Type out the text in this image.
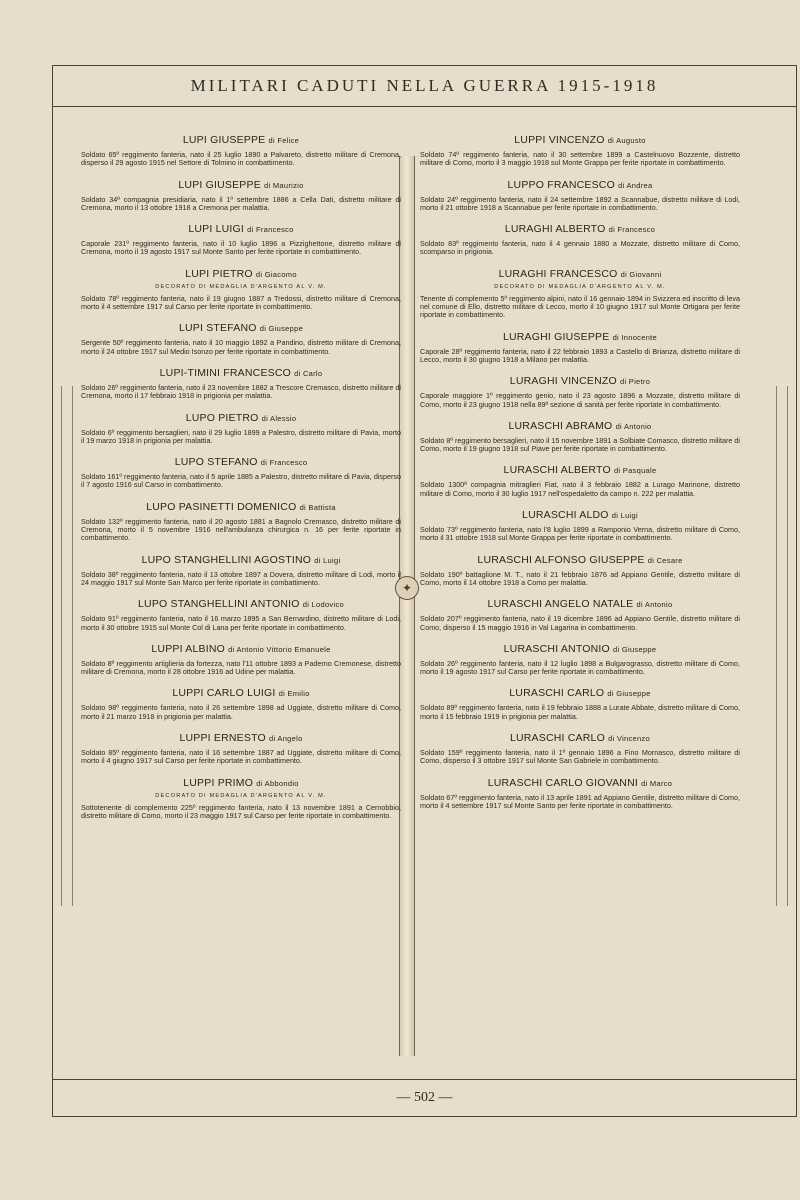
MILITARI CADUTI NELLA GUERRA 1915-1918
✦
LUPI GIUSEPPE di Felice

Soldato 65º reggimento fanteria, nato il 25 luglio 1890 a Palvareto, distretto militare di Cremona, disperso il 29 agosto 1915 nel Settore di Tolmino in combattimento.

LUPI GIUSEPPE di Maurizio

Soldato 34ª compagnia presidiaria, nato il 1º settembre 1886 a Cella Dati, distretto militare di Cremona, morto il 13 ottobre 1918 a Cremona per malattia.

LUPI LUIGI di Francesco

Caporale 231º reggimento fanteria, nato il 10 luglio 1896 a Pizzighettone, distretto militare di Cremona, morto il 19 agosto 1917 sul Monte Santo per ferite riportate in combattimento.

LUPI PIETRO di Giacomo
DECORATO DI MEDAGLIA D'ARGENTO AL V. M.

Soldato 78º reggimento fanteria, nato il 19 giugno 1887 a Tredossi, distretto militare di Cremona, morto il 4 settembre 1917 sul Carso per ferite riportate in combattimento.

LUPI STEFANO di Giuseppe

Sergente 50º reggimento fanteria, nato il 10 maggio 1892 a Pandino, distretto militare di Cremona, morto il 24 ottobre 1917 sul Medio Isonzo per ferite riportate in combattimento.

LUPI-TIMINI FRANCESCO di Carlo

Soldato 26º reggimento fanteria, nato il 23 novembre 1882 a Trescore Cremasco, distretto militare di Cremona, morto il 17 febbraio 1918 in prigionia per malattia.

LUPO PIETRO di Alessio

Soldato 6º reggimento bersaglieri, nato il 29 luglio 1899 a Palestro, distretto militare di Pavia, morto il 19 marzo 1918 in prigionia per malattia.

LUPO STEFANO di Francesco

Soldato 161º reggimento fanteria, nato il 5 aprile 1885 a Palestro, distretto militare di Pavia, disperso il 7 agosto 1916 sul Carso in combattimento.

LUPO PASINETTI DOMENICO di Battista

Soldato 132º reggimento fanteria, nato il 20 agosto 1881 a Bagnolo Cremasco, distretto militare di Cremona, morto il 5 novembre 1916 nell'ambulanza chirurgica n. 16 per ferite riportate in combattimento.

LUPO STANGHELLINI AGOSTINO di Luigi

Soldato 38º reggimento fanteria, nato il 13 ottobre 1897 a Dovera, distretto militare di Lodi, morto il 24 maggio 1917 sul Monte San Marco per ferite riportate in combattimento.

LUPO STANGHELLINI ANTONIO di Lodovico

Soldato 91º reggimento fanteria, nato il 16 marzo 1895 a San Bernardino, distretto militare di Lodi, morto il 30 ottobre 1915 sul Monte Col di Lana per ferite riportate in combattimento.

LUPPI ALBINO di Antonio Vittorio Emanuele

Soldato 8º reggimento artiglieria da fortezza, nato l'11 ottobre 1893 a Paderno Cremonese, distretto militare di Cremona, morto il 28 ottobre 1916 ad Udine per malattia.

LUPPI CARLO LUIGI di Emilio

Soldato 98º reggimento fanteria, nato il 26 settembre 1898 ad Uggiate, distretto militare di Como, morto il 21 marzo 1918 in prigionia per malattia.

LUPPI ERNESTO di Angelo

Soldato 85º reggimento fanteria, nato il 16 settembre 1887 ad Uggiate, distretto militare di Como, morto il 4 giugno 1917 sul Carso per ferite riportate in combattimento.

LUPPI PRIMO di Abbondio
DECORATO DI MEDAGLIA D'ARGENTO AL V. M.

Sottotenente di complemento 225º reggimento fanteria, nato il 13 novembre 1891 a Cernobbio, distretto militare di Como, morto il 23 maggio 1917 sul Carso per ferite riportate in combattimento.

LUPPI VINCENZO di Augusto

Soldato 74º reggimento fanteria, nato il 30 settembre 1899 a Castelnuovo Bozzente, distretto militare di Como, morto il 3 maggio 1918 sul Monte Grappa per ferite riportate in combattimento.

LUPPO FRANCESCO di Andrea

Soldato 24º reggimento fanteria, nato il 24 settembre 1892 a Scannabue, distretto militare di Lodi, morto il 21 ottobre 1918 a Scannabue per ferite riportate in combattimento.

LURAGHI ALBERTO di Francesco

Soldato 83º reggimento fanteria, nato il 4 gennaio 1880 a Mozzate, distretto militare di Como, scomparso in prigionia.

LURAGHI FRANCESCO di Giovanni
DECORATO DI MEDAGLIA D'ARGENTO AL V. M.

Tenente di complemento 5º reggimento alpini, nato il 16 gennaio 1894 in Svizzera ed inscritto di leva nel comune di Ello, distretto militare di Lecco, morto il 10 giugno 1917 sul Monte Ortigara per ferite riportate in combattimento.

LURAGHI GIUSEPPE di Innocente

Caporale 28º reggimento fanteria, nato il 22 febbraio 1893 a Castello di Brianza, distretto militare di Lecco, morto il 30 giugno 1918 a Milano per malattia.

LURAGHI VINCENZO di Pietro

Caporale maggiore 1º reggimento genio, nato il 23 agosto 1896 a Mozzate, distretto militare di Como, morto il 23 giugno 1918 nella 89ª sezione di sanità per ferite riportate in combattimento.

LURASCHI ABRAMO di Antonio

Soldato 8º reggimento bersaglieri, nato il 15 novembre 1891 a Solbiate Comasco, distretto militare di Como, morto il 19 giugno 1918 sul Piave per ferite riportate in combattimento.

LURASCHI ALBERTO di Pasquale

Soldato 1300ª compagnia mitraglieri Fiat, nato il 3 febbraio 1882 a Lurago Marinone, distretto militare di Como, morto il 30 luglio 1917 nell'ospedaletto da campo n. 222 per malattia.

LURASCHI ALDO di Luigi

Soldato 73º reggimento fanteria, nato l'8 luglio 1899 a Ramponio Verna, distretto militare di Como, morto il 31 ottobre 1918 sul Monte Grappa per ferite riportate in combattimento.

LURASCHI ALFONSO GIUSEPPE di Cesare

Soldato 190º battaglione M. T., nato il 21 febbraio 1876 ad Appiano Gentile, distretto militare di Como, morto il 14 ottobre 1918 a Como per malattia.

LURASCHI ANGELO NATALE di Antonio

Soldato 207º reggimento fanteria, nato il 19 dicembre 1896 ad Appiano Gentile, distretto militare di Como, disperso il 15 maggio 1916 in Val Lagarina in combattimento.

LURASCHI ANTONIO di Giuseppe

Soldato 26º reggimento fanteria, nato il 12 luglio 1898 a Bulgarograsso, distretto militare di Como, morto il 19 agosto 1917 sul Carso per ferite riportate in combattimento.

LURASCHI CARLO di Giuseppe

Soldato 89º reggimento fanteria, nato il 19 febbraio 1888 a Lurate Abbate, distretto militare di Como, morto il 15 febbraio 1919 in prigionia per malattia.

LURASCHI CARLO di Vincenzo

Soldato 159º reggimento fanteria, nato il 1º gennaio 1896 a Fino Mornasco, distretto militare di Como, disperso il 3 ottobre 1917 sul Monte San Gabriele in combattimento.

LURASCHI CARLO GIOVANNI di Marco

Soldato 67º reggimento fanteria, nato il 13 aprile 1891 ad Appiano Gentile, distretto militare di Como, morto il 4 settembre 1917 sul Monte Santo per ferite riportate in combattimento.

— 502 —
